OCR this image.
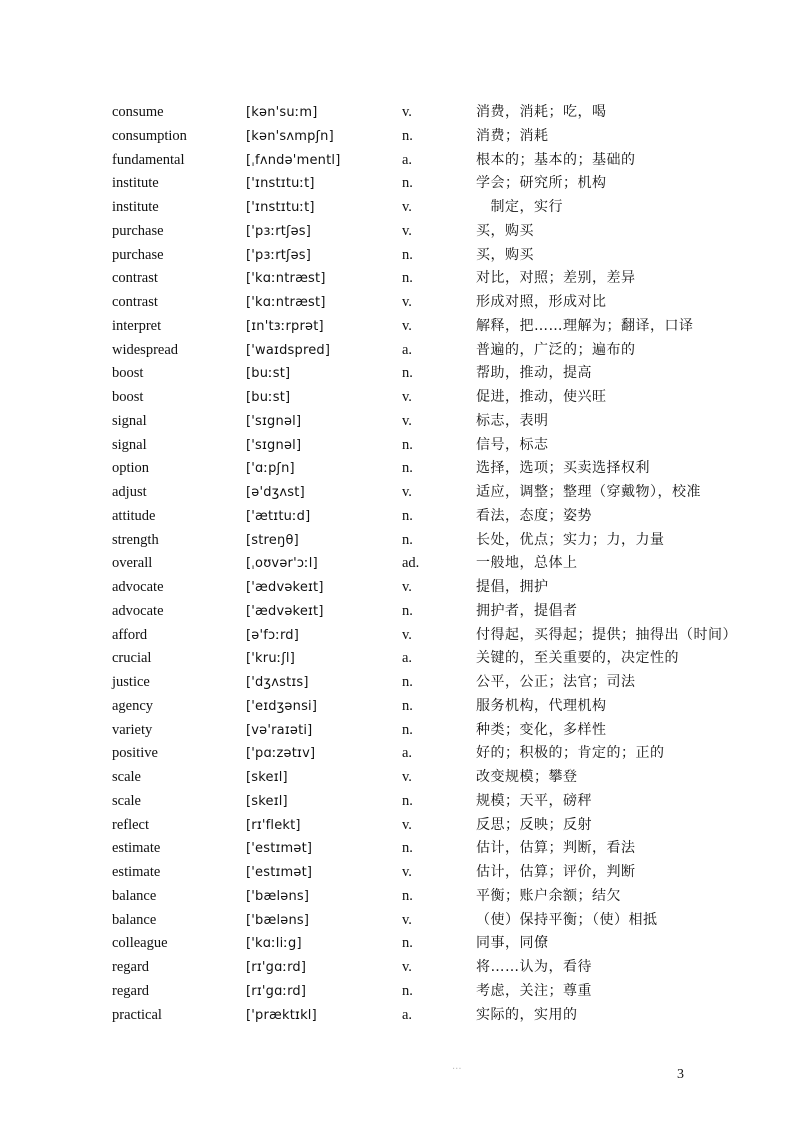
consume	[kən'suːm]	v.	消费，消耗；吃，喝
consumption	[kən'sʌmpʃn]	n.	消费；消耗
fundamental	[ˌfʌndə'mentl]	a.	根本的；基本的；基础的
institute	['ɪnstɪtuːt]	n.	学会；研究所；机构
institute	['ɪnstɪtuːt]	v.	　制定，实行
purchase	['pɜːrtʃəs]	v.	买，购买
purchase	['pɜːrtʃəs]	n.	买，购买
contrast	['kɑːntræst]	n.	对比，对照；差别，差异
contrast	['kɑːntræst]	v.	形成对照，形成对比
interpret	[ɪn'tɜːrprət]	v.	解释，把……理解为；翻译，口译
widespread	['waɪdspred]	a.	普遍的，广泛的；遍布的
boost	[buːst]	n.	帮助，推动，提高
boost	[buːst]	v.	促进，推动，使兴旺
signal	['sɪgnəl]	v.	标志，表明
signal	['sɪgnəl]	n.	信号，标志
option	['ɑːpʃn]	n.	选择，选项；买卖选择权利
adjust	[ə'dʒʌst]	v.	适应，调整；整理（穿戴物），校准
attitude	['ætɪtuːd]	n.	看法，态度；姿势
strength	[streŋθ]	n.	长处，优点；实力；力，力量
overall	[ˌoʊvər'ɔːl]	ad.	一般地，总体上
advocate	['ædvəkeɪt]	v.	提倡，拥护
advocate	['ædvəkeɪt]	n.	拥护者，提倡者
afford	[ə'fɔːrd]	v.	付得起，买得起；提供；抽得出（时间）
crucial	['kruːʃl]	a.	关键的，至关重要的，决定性的
justice	['dʒʌstɪs]	n.	公平，公正；法官；司法
agency	['eɪdʒənsi]	n.	服务机构，代理机构
variety	[və'raɪəti]	n.	种类；变化，多样性
positive	['pɑːzətɪv]	a.	好的；积极的；肯定的；正的
scale	[skeɪl]	v.	改变规模；攀登
scale	[skeɪl]	n.	规模；天平，磅秤
reflect	[rɪ'flekt]	v.	反思；反映；反射
estimate	['estɪmət]	n.	估计，估算；判断，看法
estimate	['estɪmət]	v.	估计，估算；评价，判断
balance	['bæləns]	n.	平衡；账户余额；结欠
balance	['bæləns]	v.	（使）保持平衡；（使）相抵
colleague	['kɑːliːg]	n.	同事，同僚
regard	[rɪ'gɑːrd]	v.	将……认为，看待
regard	[rɪ'gɑːrd]	n.	考虑，关注；尊重
practical	['præktɪkl]	a.	实际的，实用的
···	3
